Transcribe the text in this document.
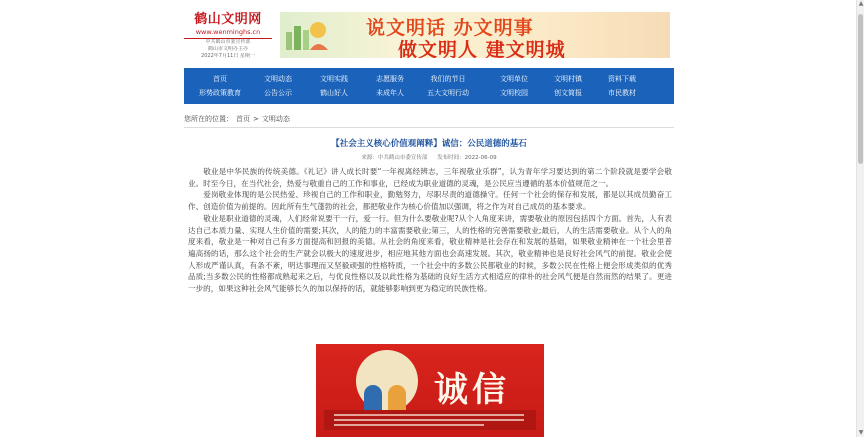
▲
▼
鹤山文明网
www.wenminghs.cn
中共鹤山市委宣传部
鹤山市文明办主办
2022年7月11日 星期一
说文明话 办文明事
做文明人 建文明城
首页	文明动态	文明实践	志愿服务	我们的节日	文明单位	文明村镇	资料下载
形势政策教育	公告公示	鹤山好人	未成年人	五大文明行动	文明校园	创文简报	市民教材
您所在的位置： 首页 > 文明动态
【社会主义核心价值观阐释】诚信：公民道德的基石
来源：中共鹤山市委宣传部 发布时间：2022-06-09

敬业是中华民族的传统美德。《礼记》讲人成长时要“一年视离经辨志，三年视敬业乐群”，认为青年学习要达到的第二个阶段就是要学会敬业。时至今日，在当代社会，热爱与敬重自己的工作和事业，已经成为职业道德的灵魂，是公民应当遵循的基本价值规范之一。

爱岗敬业体现的是公民热爱、珍视自己的工作和职业，勤勉努力，尽职尽责的道德操守。任何一个社会的保存和发展，都是以其成员勤奋工作、创造价值为前提的。因此所有生气蓬勃的社会，都把敬业作为核心价值加以强调，将之作为对自己成员的基本要求。

敬业是职业道德的灵魂，人们经常说要干一行，爱一行。但为什么要敬业呢?从个人角度来讲，需要敬业的原因包括四个方面。首先，人有表达自己本质力量、实现人生价值的需要;其次，人的能力的丰富需要敬业;第三，人的性格的完善需要敬业;最后，人的生活需要敬业。从个人的角度来看，敬业是一种对自己有多方面提高和回报的美德。从社会的角度来看，敬业精神是社会存在和发展的基础，如果敬业精神在一个社会里普遍高扬的话，那么这个社会的生产就会以极大的速度进步，相应地其他方面也会高速发展。其次，敬业精神也是良好社会风气的前提。敬业会使人形成严谨认真，有条不紊，明达事理而又坚毅顽强的性格特质，一个社会中的多数公民都敬业的时候，多数公民在性格上便会形成类似的优秀品质;当多数公民的性格都成熟起来之后，与优良性格以及以此性格为基础的良好生活方式相适应的律朴的社会风气便是自然而然的结果了。更进一步的，如果这种社会风气能够长久的加以保持的话，就能够影响到更为稳定的民族性格。

诚信
